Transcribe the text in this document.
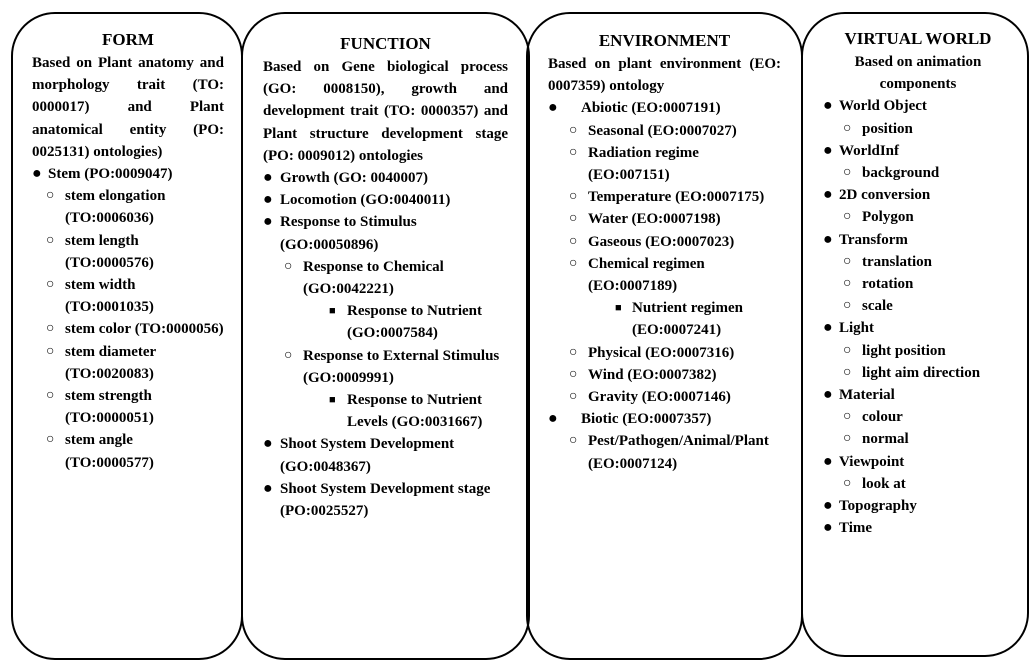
FORM
Based on Plant anatomy and morphology trait (TO: 0000017) and Plant anatomical entity (PO: 0025131) ontologies)
● Stem (PO:0009047)
○ stem elongation (TO:0006036)
○ stem length (TO:0000576)
○ stem width (TO:0001035)
○ stem color (TO:0000056)
○ stem diameter (TO:0020083)
○ stem strength (TO:0000051)
○ stem angle (TO:0000577)
FUNCTION
Based on Gene biological process (GO: 0008150), growth and development trait (TO: 0000357) and Plant structure development stage (PO: 0009012) ontologies
● Growth (GO: 0040007)
● Locomotion (GO:0040011)
● Response to Stimulus (GO:00050896)
○ Response to Chemical (GO:0042221)
■ Response to Nutrient (GO:0007584)
○ Response to External Stimulus (GO:0009991)
■ Response to Nutrient Levels (GO:0031667)
● Shoot System Development (GO:0048367)
● Shoot System Development stage (PO:0025527)
ENVIRONMENT
Based on plant environment (EO: 0007359) ontology
● Abiotic (EO:0007191)
○ Seasonal (EO:0007027)
○ Radiation regime (EO:007151)
○ Temperature (EO:0007175)
○ Water (EO:0007198)
○ Gaseous (EO:0007023)
○ Chemical regimen (EO:0007189)
■ Nutrient regimen (EO:0007241)
○ Physical (EO:0007316)
○ Wind (EO:0007382)
○ Gravity (EO:0007146)
● Biotic (EO:0007357)
○ Pest/Pathogen/Animal/Plant (EO:0007124)
VIRTUAL WORLD
Based on animation components
● World Object
○ position
● WorldInf
○ background
● 2D conversion
○ Polygon
● Transform
○ translation
○ rotation
○ scale
● Light
○ light position
○ light aim direction
● Material
○ colour
○ normal
● Viewpoint
○ look at
● Topography
● Time
